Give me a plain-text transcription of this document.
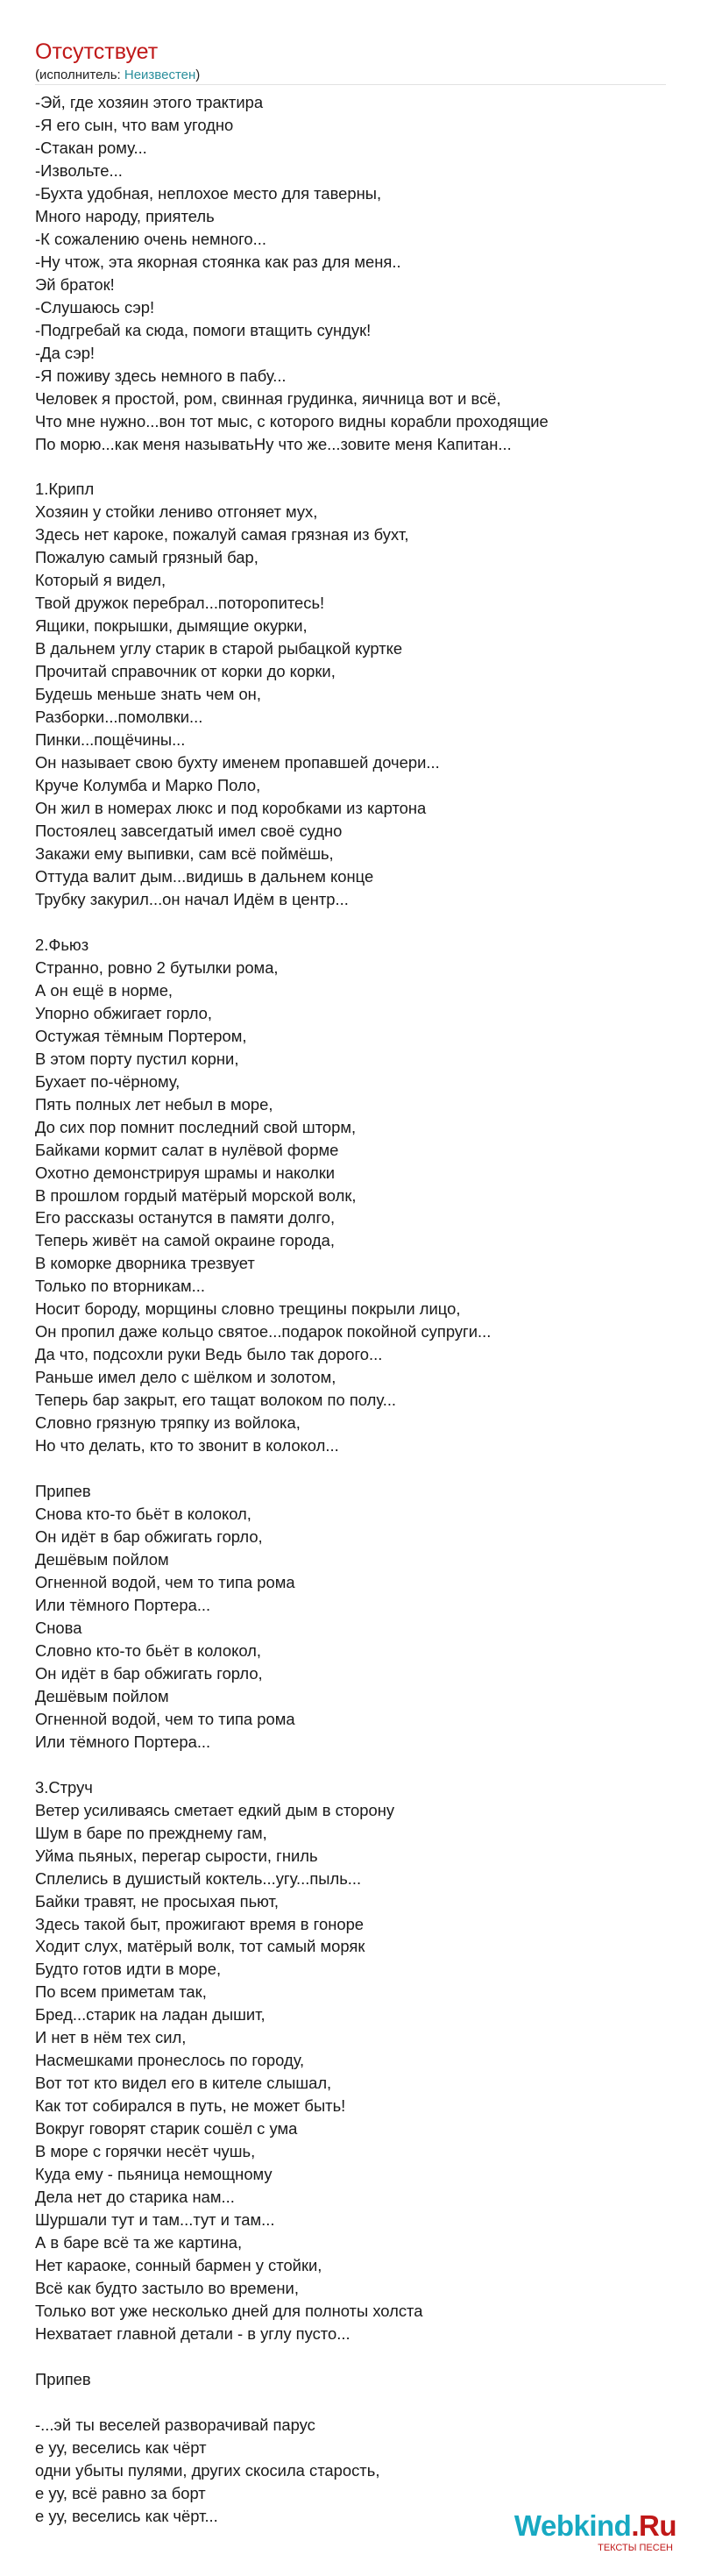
Отсутствует
(исполнитель: Неизвестен)
-Эй, где хозяин этого трактира
-Я его сын, что вам угодно
-Стакан рому...
-Извольте...
-Бухта удобная, неплохое место для таверны,
Много народу, приятель
-К сожалению очень немного...
-Ну чтож, эта якорная стоянка как раз для меня..
Эй браток!
-Слушаюсь сэр!
-Подгребай ка сюда, помоги втащить сундук!
-Да сэр!
-Я поживу здесь немного в пабу...
Человек я простой, ром, свинная грудинка, яичница вот и всё,
Что мне нужно...вон тот мыс, с которого видны корабли проходящие
По морю...как меня называтьНу что же...зовите меня Капитан...
1.Крипл
Хозяин у стойки лениво отгоняет мух,
Здесь нет кароке, пожалуй самая грязная из бухт,
Пожалую самый грязный бар,
Который я видел,
Твой дружок перебрал...поторопитесь!
Ящики, покрышки, дымящие окурки,
В дальнем углу старик в старой рыбацкой куртке
Прочитай справочник от корки до корки,
Будешь меньше знать чем он,
Разборки...помолвки...
Пинки...пощёчины...
Он называет свою бухту именем пропавшей дочери...
Круче Колумба и Марко Поло,
Он жил в номерах люкс и под коробками из картона
Постоялец завсегдатый имел своё судно
Закажи ему выпивки, сам всё поймёшь,
Оттуда валит дым...видишь в дальнем конце
Трубку закурил...он начал Идём в центр...
2.Фьюз
Странно, ровно 2 бутылки рома,
А он ещё в норме,
Упорно обжигает горло,
Остужая тёмным Портером,
В этом порту пустил корни,
Бухает по-чёрному,
Пять полных лет небыл в море,
До сих пор помнит последний свой шторм,
Байками кормит салат в нулёвой форме
Охотно демонстрируя шрамы и наколки
В прошлом гордый матёрый морской волк,
Его рассказы останутся в памяти долго,
Теперь живёт на самой окраине города,
В коморке дворника трезвует
Только по вторникам...
Носит бороду, морщины словно трещины покрыли лицо,
Он пропил даже кольцо святое...подарок покойной супруги...
Да что, подсохли руки Ведь было так дорого...
Раньше имел дело с шёлком и золотом,
Теперь бар закрыт, его тащат волоком по полу...
Словно грязную тряпку из войлока,
Но что делать, кто то звонит в колокол...
Припев
Снова кто-то бьёт в колокол,
Он идёт в бар обжигать горло,
Дешёвым пойлом
Огненной водой, чем то типа рома
Или тёмного Портера...
Снова
Словно кто-то бьёт в колокол,
Он идёт в бар обжигать горло,
Дешёвым пойлом
Огненной водой, чем то типа рома
Или тёмного Портера...
3.Струч
Ветер усиливаясь сметает едкий дым в сторону
Шум в баре по прежднему гам,
Уйма пьяных, перегар сырости, гниль
Сплелись в душистый коктель...угу...пыль...
Байки травят, не просыхая пьют,
Здесь такой быт, прожигают время в гоноре
Ходит слух, матёрый волк, тот самый моряк
Будто готов идти в море,
По всем приметам так,
Бред...старик на ладан дышит,
И нет в нём тех сил,
Насмешками пронеслось по городу,
Вот тот кто видел его в кителе слышал,
Как тот собирался в путь, не может быть!
Вокруг говорят старик сошёл с ума
В море с горячки несёт чушь,
Куда ему - пьяница немощному
Дела нет до старика нам...
Шуршали тут и там...тут и там...
А в баре всё та же картина,
Нет караоке, сонный бармен у стойки,
Всё как будто застыло во времени,
Только вот уже несколько дней для полноты холста
Нехватает главной детали - в углу пусто...
Припев
-...эй ты веселей разворачивай парус
е уу, веселись как чёрт
одни убыты пулями, других скосила старость,
е уу, всё равно за борт
е уу, веселись как чёрт...	Webkind.Ru
ТЕКСТЫ ПЕСЕН
